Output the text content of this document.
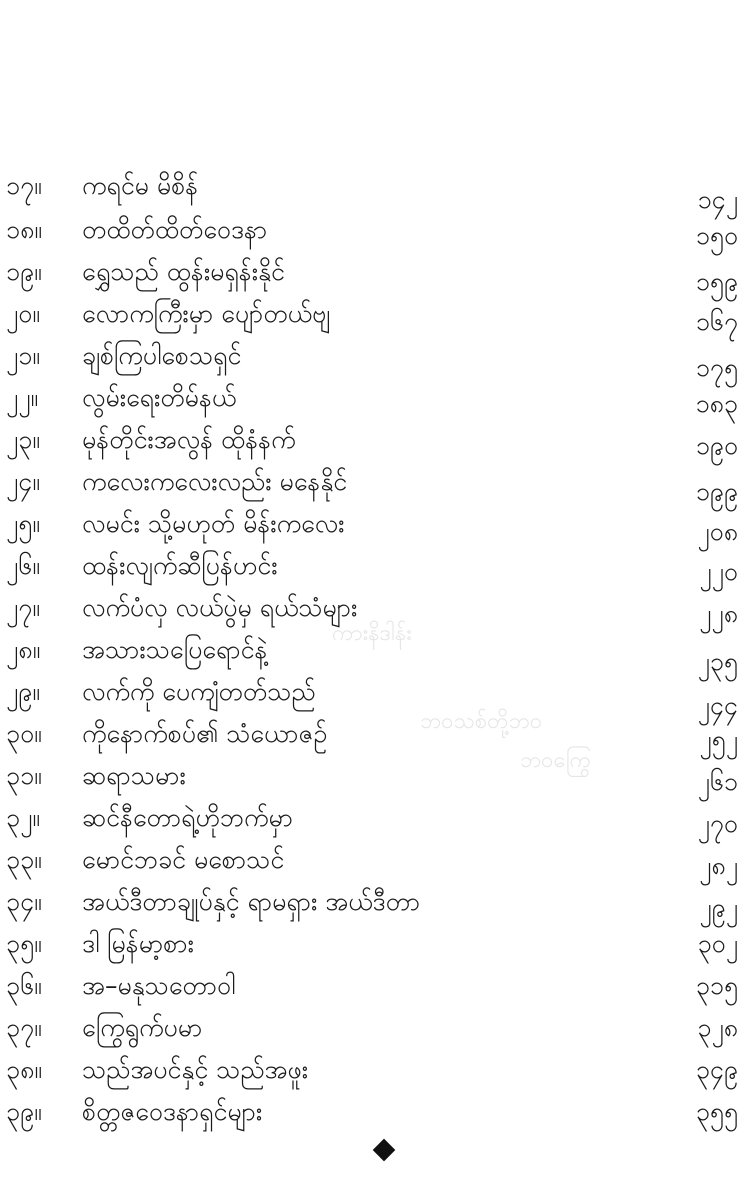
ကားနိဒါန်း
ဘဝသစ်တို့ဘဝ
ဘဝကြွေ
၁၇။	ကရင်မ မိစိန်	၁၄၂
၁၈။	တထိတ်ထိတ်ဝေဒနာ	၁၅၀
၁၉။	ရွှေသည် ထွန်းမရှန်းနိုင်	၁၅၉
၂၀။	လောကကြီးမှာ ပျော်တယ်ဗျ	၁၆၇
၂၁။	ချစ်ကြပါစေသရှင်	၁၇၅
၂၂။	လွမ်းရေးတိမ်နယ်	၁၈၃
၂၃။	မုန်တိုင်းအလွန် ထိုနံနက်	၁၉၀
၂၄။	ကလေးကလေးလည်း မနေနိုင်	၁၉၉
၂၅။	လမင်း သို့မဟုတ် မိန်းကလေး	၂၀၈
၂၆။	ထန်းလျက်ဆီပြန်ဟင်း	၂၂၀
၂၇။	လက်ပံလှ လယ်ပွဲမှ ရယ်သံများ	၂၂၈
၂၈။	အသားသပြေရောင်နဲ့	၂၃၅
၂၉။	လက်ကို ပေကျံတတ်သည်	၂၄၄
၃၀။	ကိုနောက်စပ်၏ သံယောဇဉ်	၂၅၂
၃၁။	ဆရာသမား	၂၆၁
၃၂။	ဆင်နီတောရဲ့ဟိုဘက်မှာ	၂၇၀
၃၃။	မောင်ဘခင် မစောသင်	၂၈၂
၃၄။	အယ်ဒီတာချုပ်နှင့် ရာမရှား အယ်ဒီတာ	၂၉၂
၃၅။	ဒါ မြန်မာ့စား	၃၀၂
၃၆။	အ–မနုသတောဝါ	၃၁၅
၃၇။	ကြွေရွက်ပမာ	၃၂၈
၃၈။	သည်အပင်နှင့် သည်အဖူး	၃၄၉
၃၉။	စိတ္တဇဝေဒနာရှင်များ	၃၅၅
